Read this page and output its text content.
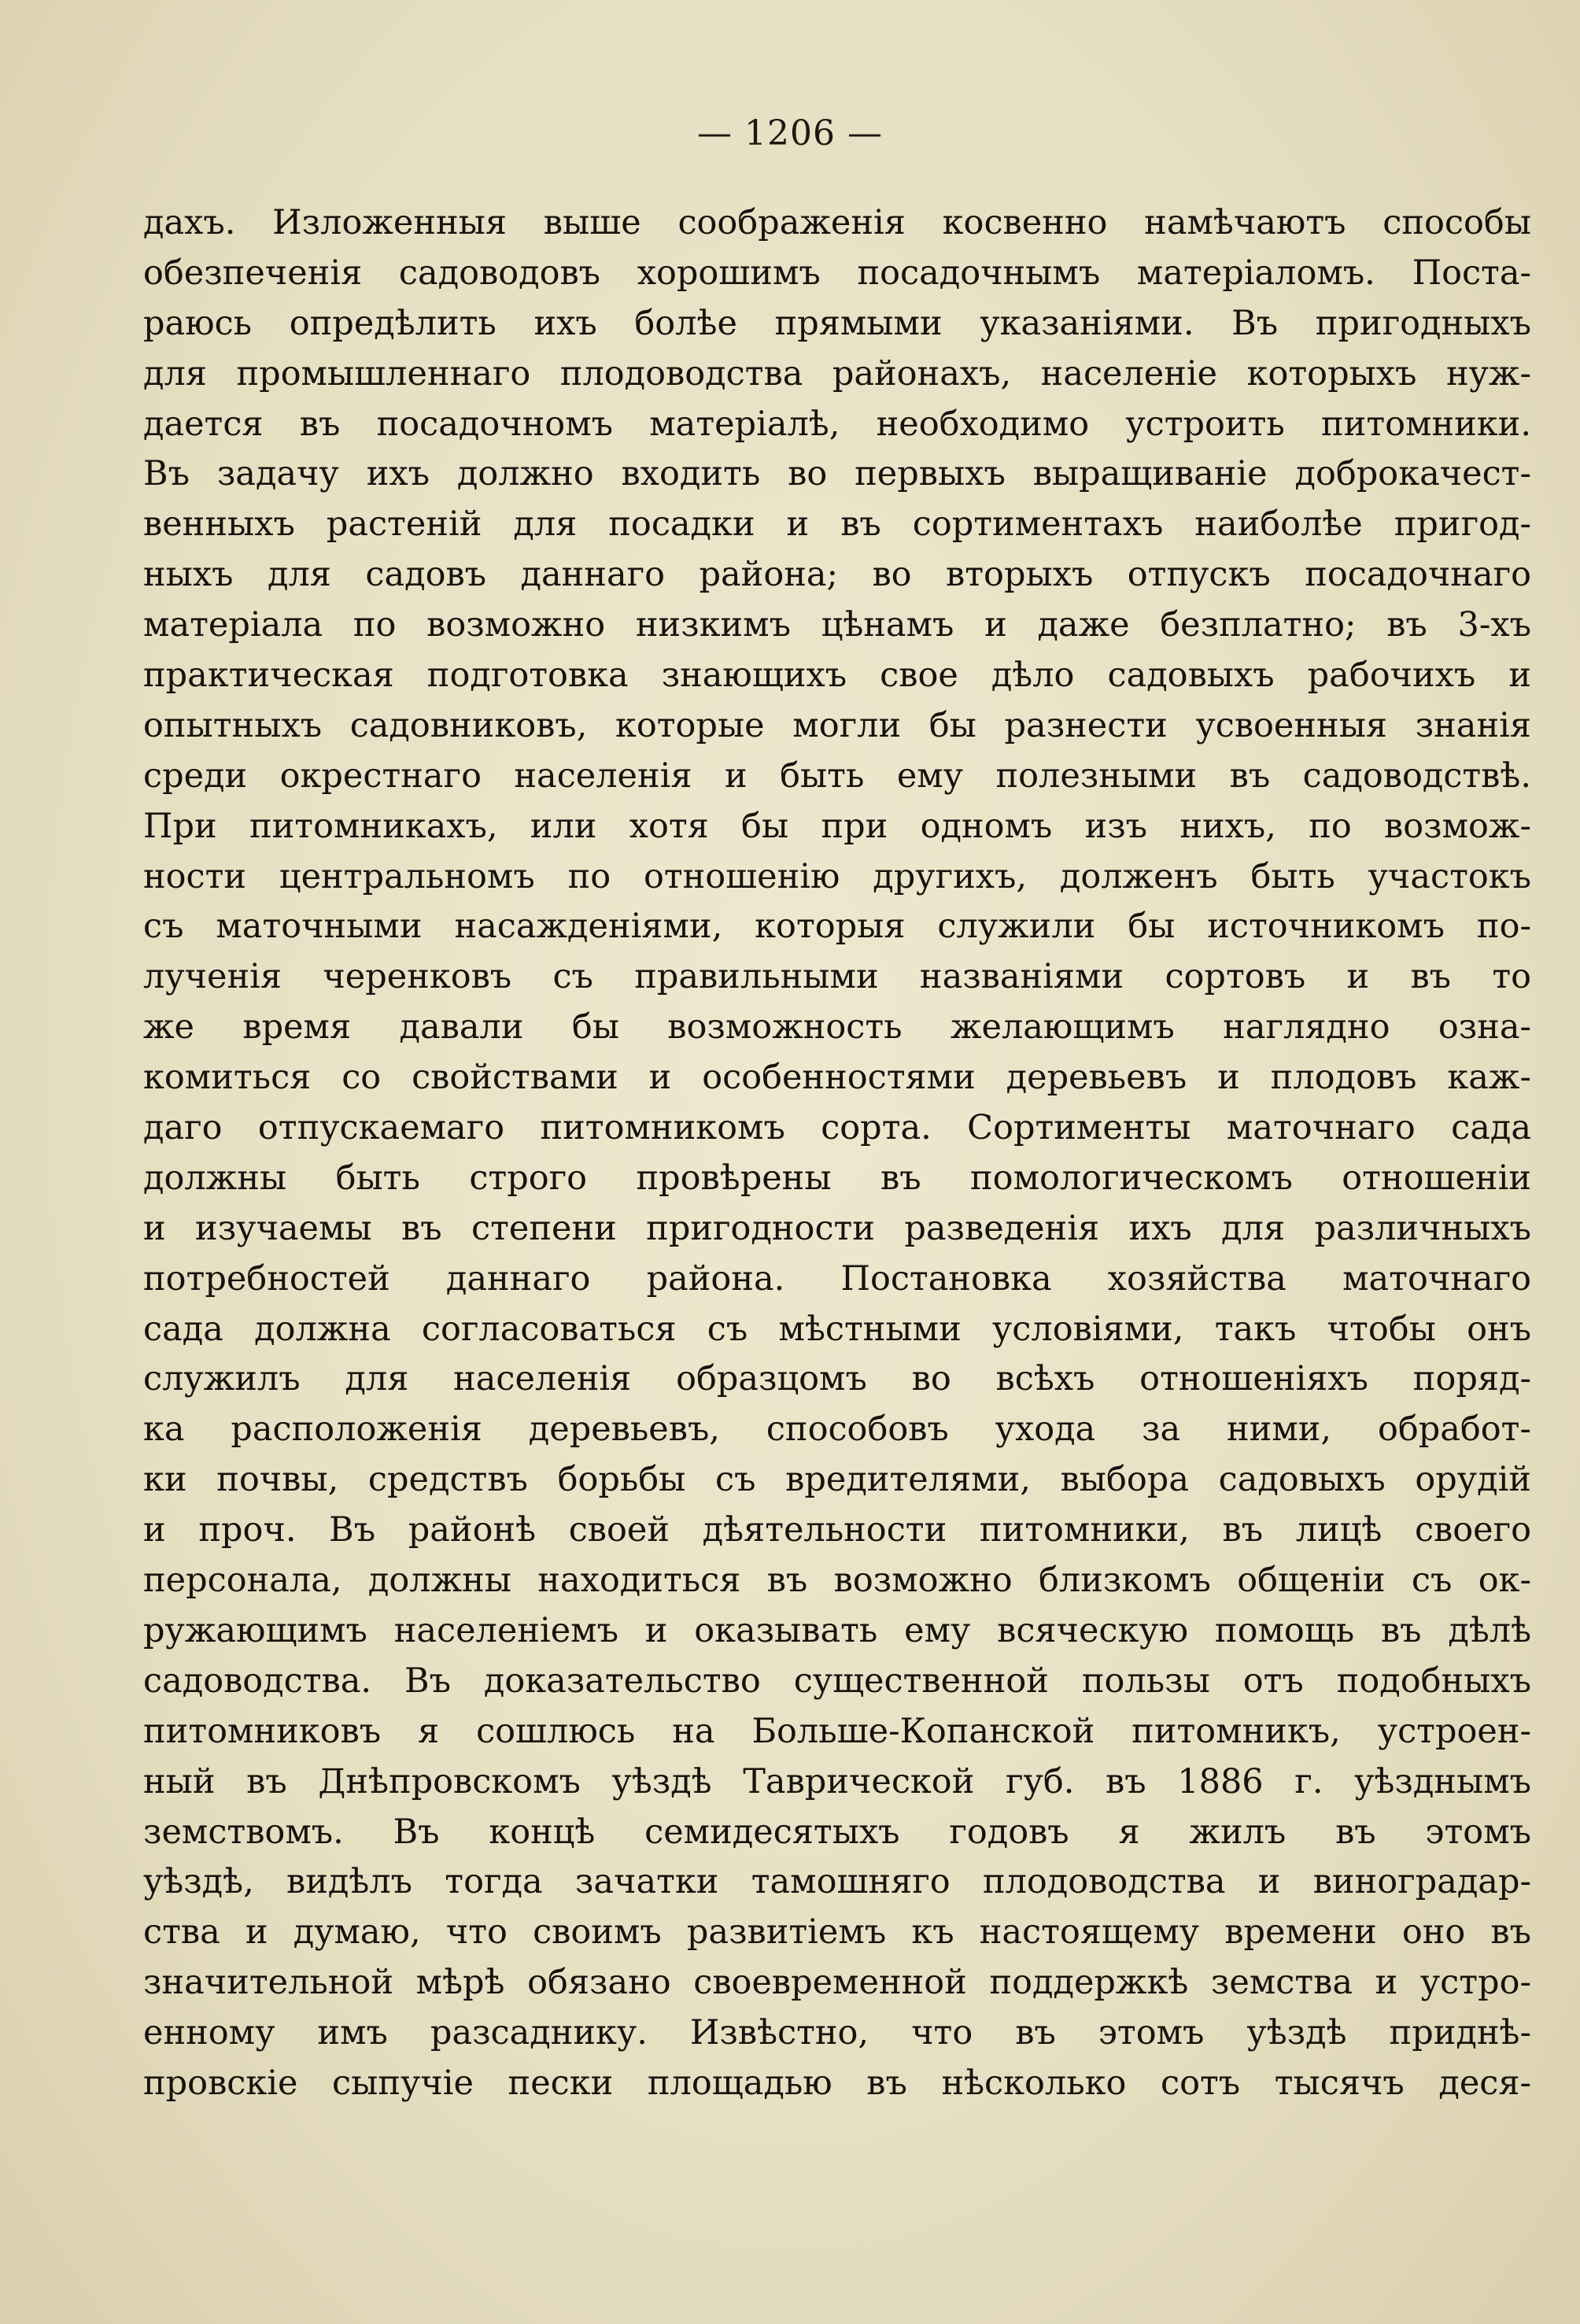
— 1206 —
дахъ. Изложенныя выше соображенія косвенно намѣчаютъ способы
обезпеченія садоводовъ хорошимъ посадочнымъ матеріаломъ. Поста-
раюсь опредѣлить ихъ болѣе прямыми указаніями. Въ пригодныхъ
для промышленнаго плодоводства районахъ, населеніе которыхъ нуж-
дается въ посадочномъ матеріалѣ, необходимо устроить питомники.
Въ задачу ихъ должно входить во первыхъ выращиваніе доброкачест-
венныхъ растеній для посадки и въ сортиментахъ наиболѣе пригод-
ныхъ для садовъ даннаго района; во вторыхъ отпускъ посадочнаго
матеріала по возможно низкимъ цѣнамъ и даже безплатно; въ 3-хъ
практическая подготовка знающихъ свое дѣло садовыхъ рабочихъ и
опытныхъ садовниковъ, которые могли бы разнести усвоенныя знанія
среди окрестнаго населенія и быть ему полезными въ садоводствѣ.
При питомникахъ, или хотя бы при одномъ изъ нихъ, по возмож-
ности центральномъ по отношенію другихъ, долженъ быть участокъ
съ маточными насажденіями, которыя служили бы источникомъ по-
лученія черенковъ съ правильными названіями сортовъ и въ то
же время давали бы возможность желающимъ наглядно озна-
комиться со свойствами и особенностями деревьевъ и плодовъ каж-
даго отпускаемаго питомникомъ сорта. Сортименты маточнаго сада
должны быть строго провѣрены въ помологическомъ отношеніи
и изучаемы въ степени пригодности разведенія ихъ для различныхъ
потребностей даннаго района. Постановка хозяйства маточнаго
сада должна согласоваться съ мѣстными условіями, такъ чтобы онъ
служилъ для населенія образцомъ во всѣхъ отношеніяхъ поряд-
ка расположенія деревьевъ, способовъ ухода за ними, обработ-
ки почвы, средствъ борьбы съ вредителями, выбора садовыхъ орудій
и проч. Въ районѣ своей дѣятельности питомники, въ лицѣ своего
персонала, должны находиться въ возможно близкомъ общеніи съ ок-
ружающимъ населеніемъ и оказывать ему всяческую помощь въ дѣлѣ
садоводства. Въ доказательство существенной пользы отъ подобныхъ
питомниковъ я сошлюсь на Больше-Копанской питомникъ, устроен-
ный въ Днѣпровскомъ уѣздѣ Таврической губ. въ 1886 г. уѣзднымъ
земствомъ. Въ концѣ семидесятыхъ годовъ я жилъ въ этомъ
уѣздѣ, видѣлъ тогда зачатки тамошняго плодоводства и виноградар-
ства и думаю, что своимъ развитіемъ къ настоящему времени оно въ
значительной мѣрѣ обязано своевременной поддержкѣ земства и устро-
енному имъ разсаднику. Извѣстно, что въ этомъ уѣздѣ приднѣ-
провскіе сыпучіе пески площадью въ нѣсколько сотъ тысячъ деся-
